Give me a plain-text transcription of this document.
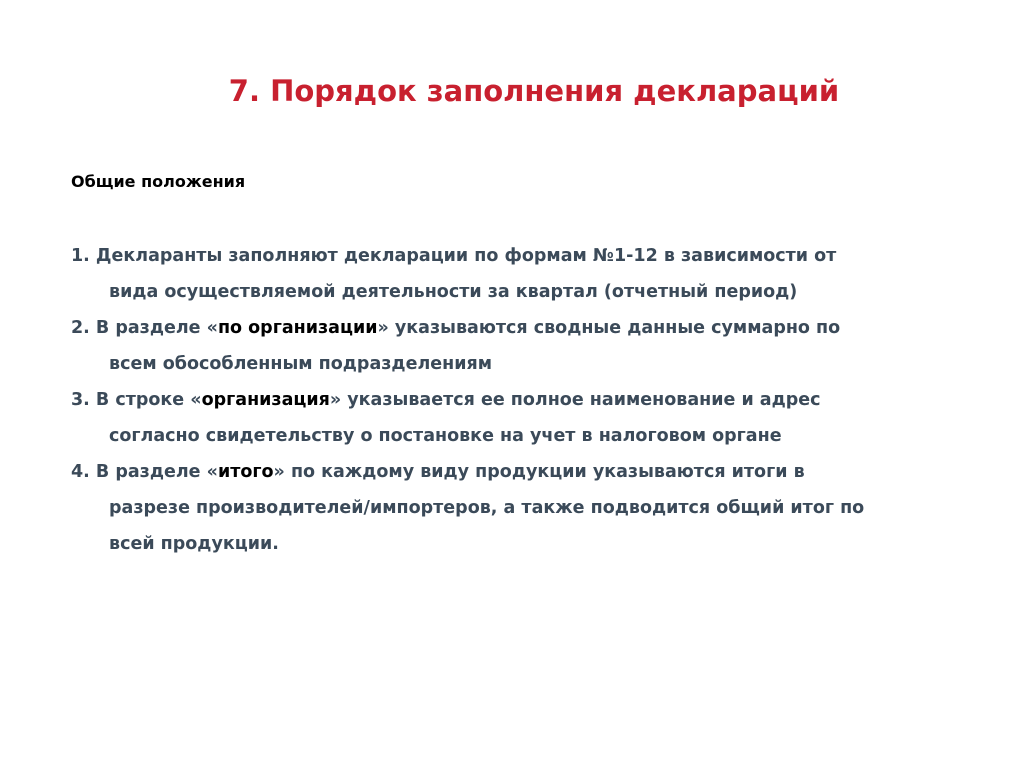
7. Порядок заполнения деклараций
Общие положения
1. Декларанты заполняют декларации по формам №1-12 в зависимости от
вида осуществляемой деятельности за квартал (отчетный период)
2. В разделе «по организации» указываются сводные данные суммарно по
всем обособленным подразделениям
3. В строке «организация» указывается ее полное наименование и адрес
согласно свидетельству о постановке на учет в налоговом органе
4. В разделе «итого» по каждому виду продукции указываются итоги в
разрезе производителей/импортеров, а также подводится общий итог по
всей продукции.
